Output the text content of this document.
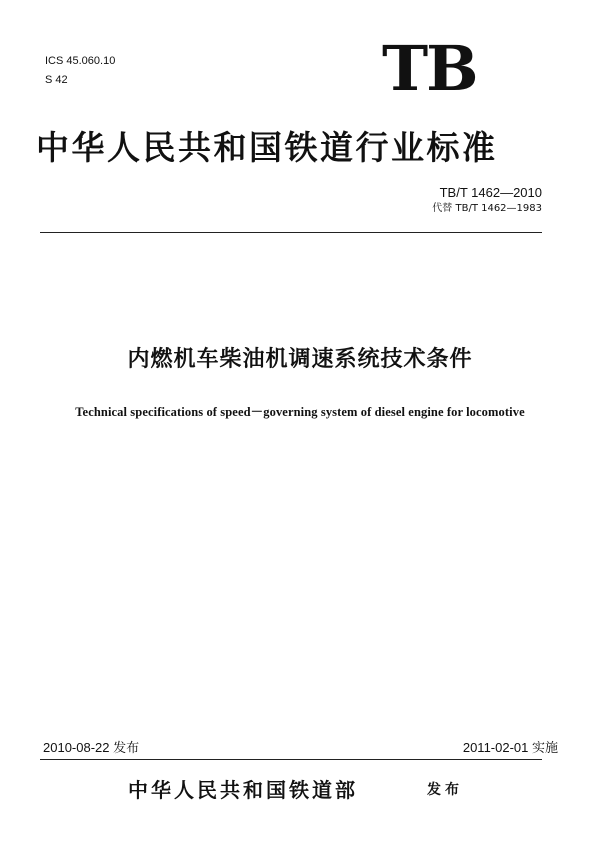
ICS 45.060.10
S 42	TB
中华人民共和国铁道行业标准
TB/T 1462—2010
代替 TB/T 1462—1983
内燃机车柴油机调速系统技术条件
Technical specifications of speed－governing system of diesel engine for locomotive
2010-08-22 发布	2011-02-01 实施
中华人民共和国铁道部	发布
